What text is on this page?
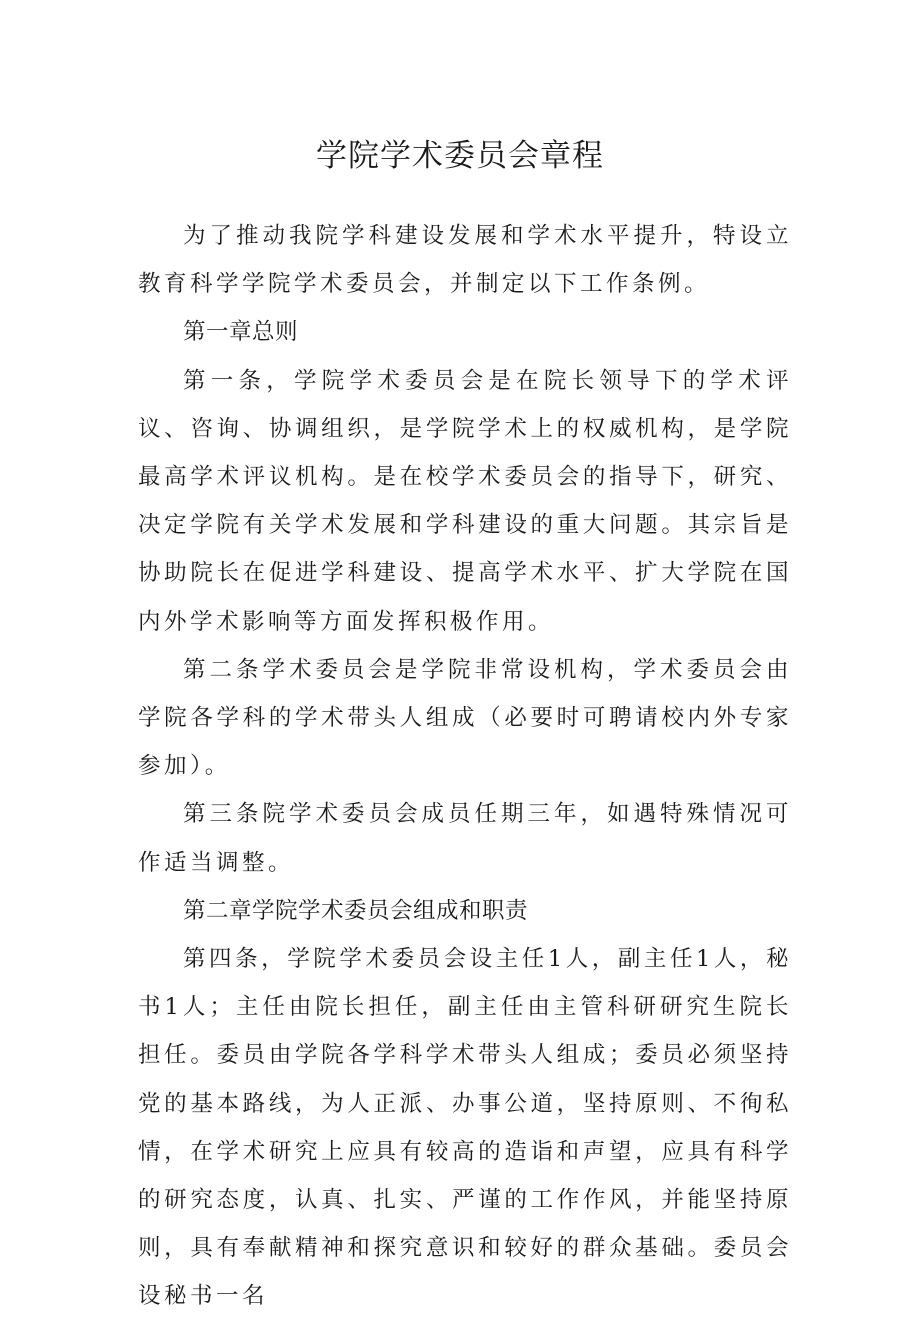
学院学术委员会章程

为了推动我院学科建设发展和学术水平提升，特设立教育科学学院学术委员会，并制定以下工作条例。

第一章总则

第一条，学院学术委员会是在院长领导下的学术评议、咨询、协调组织，是学院学术上的权威机构，是学院最高学术评议机构。是在校学术委员会的指导下，研究、决定学院有关学术发展和学科建设的重大问题。其宗旨是协助院长在促进学科建设、提高学术水平、扩大学院在国内外学术影响等方面发挥积极作用。

第二条学术委员会是学院非常设机构，学术委员会由学院各学科的学术带头人组成（必要时可聘请校内外专家参加）。

第三条院学术委员会成员任期三年，如遇特殊情况可作适当调整。

第二章学院学术委员会组成和职责

第四条，学院学术委员会设主任1人，副主任1人，秘书1人；主任由院长担任，副主任由主管科研研究生院长担任。委员由学院各学科学术带头人组成；委员必须坚持党的基本路线，为人正派、办事公道，坚持原则、不徇私情，在学术研究上应具有较高的造诣和声望，应具有科学的研究态度，认真、扎实、严谨的工作作风，并能坚持原则，具有奉献精神和探究意识和较好的群众基础。委员会设秘书一名
